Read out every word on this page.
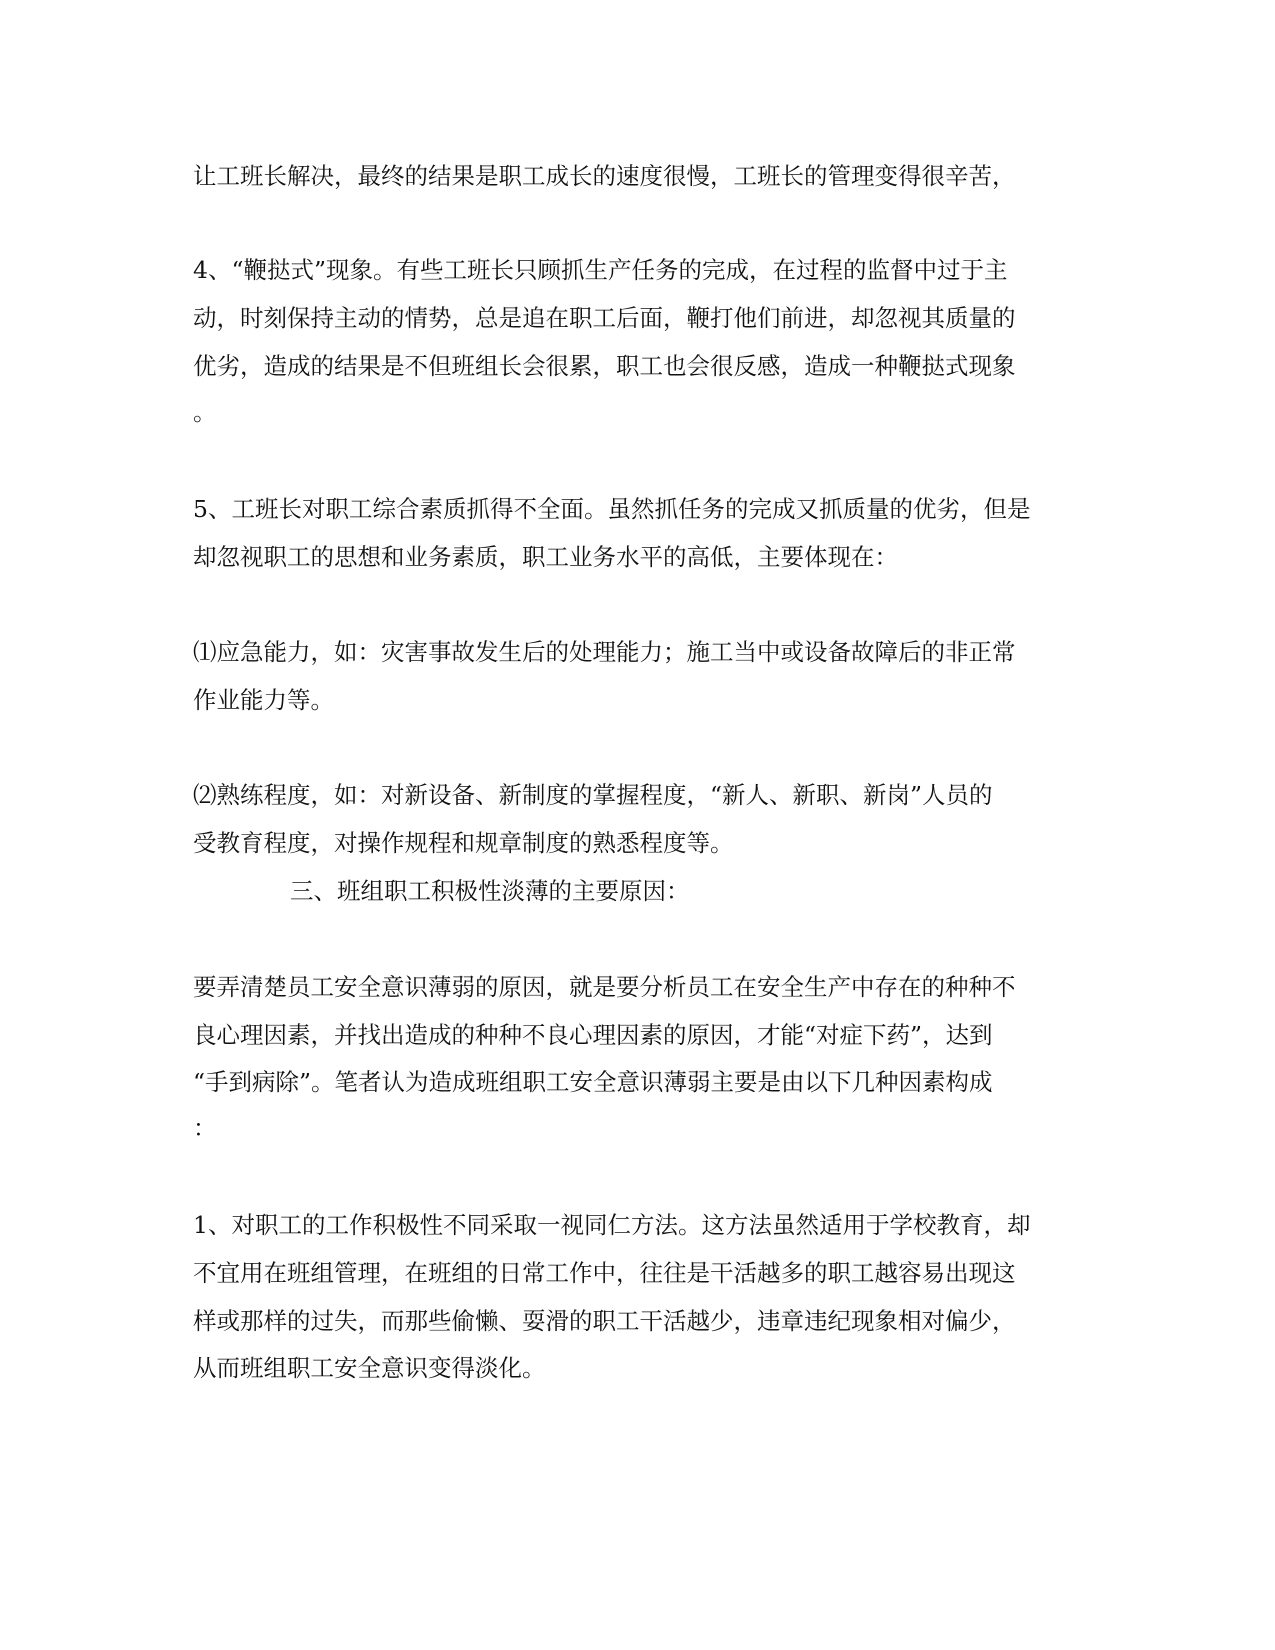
让工班长解决，最终的结果是职工成长的速度很慢，工班长的管理变得很辛苦，
4、“鞭挞式”现象。有些工班长只顾抓生产任务的完成，在过程的监督中过于主
动，时刻保持主动的情势，总是追在职工后面，鞭打他们前进，却忽视其质量的
优劣，造成的结果是不但班组长会很累，职工也会很反感，造成一种鞭挞式现象
。
5、工班长对职工综合素质抓得不全面。虽然抓任务的完成又抓质量的优劣，但是
却忽视职工的思想和业务素质，职工业务水平的高低，主要体现在：
⑴应急能力，如：灾害事故发生后的处理能力；施工当中或设备故障后的非正常
作业能力等。
⑵熟练程度，如：对新设备、新制度的掌握程度，“新人、新职、新岗”人员的
受教育程度，对操作规程和规章制度的熟悉程度等。
三、班组职工积极性淡薄的主要原因：
要弄清楚员工安全意识薄弱的原因，就是要分析员工在安全生产中存在的种种不
良心理因素，并找出造成的种种不良心理因素的原因，才能“对症下药”，达到
“手到病除”。笔者认为造成班组职工安全意识薄弱主要是由以下几种因素构成
：
1、对职工的工作积极性不同采取一视同仁方法。这方法虽然适用于学校教育，却
不宜用在班组管理，在班组的日常工作中，往往是干活越多的职工越容易出现这
样或那样的过失，而那些偷懒、耍滑的职工干活越少，违章违纪现象相对偏少，
从而班组职工安全意识变得淡化。
